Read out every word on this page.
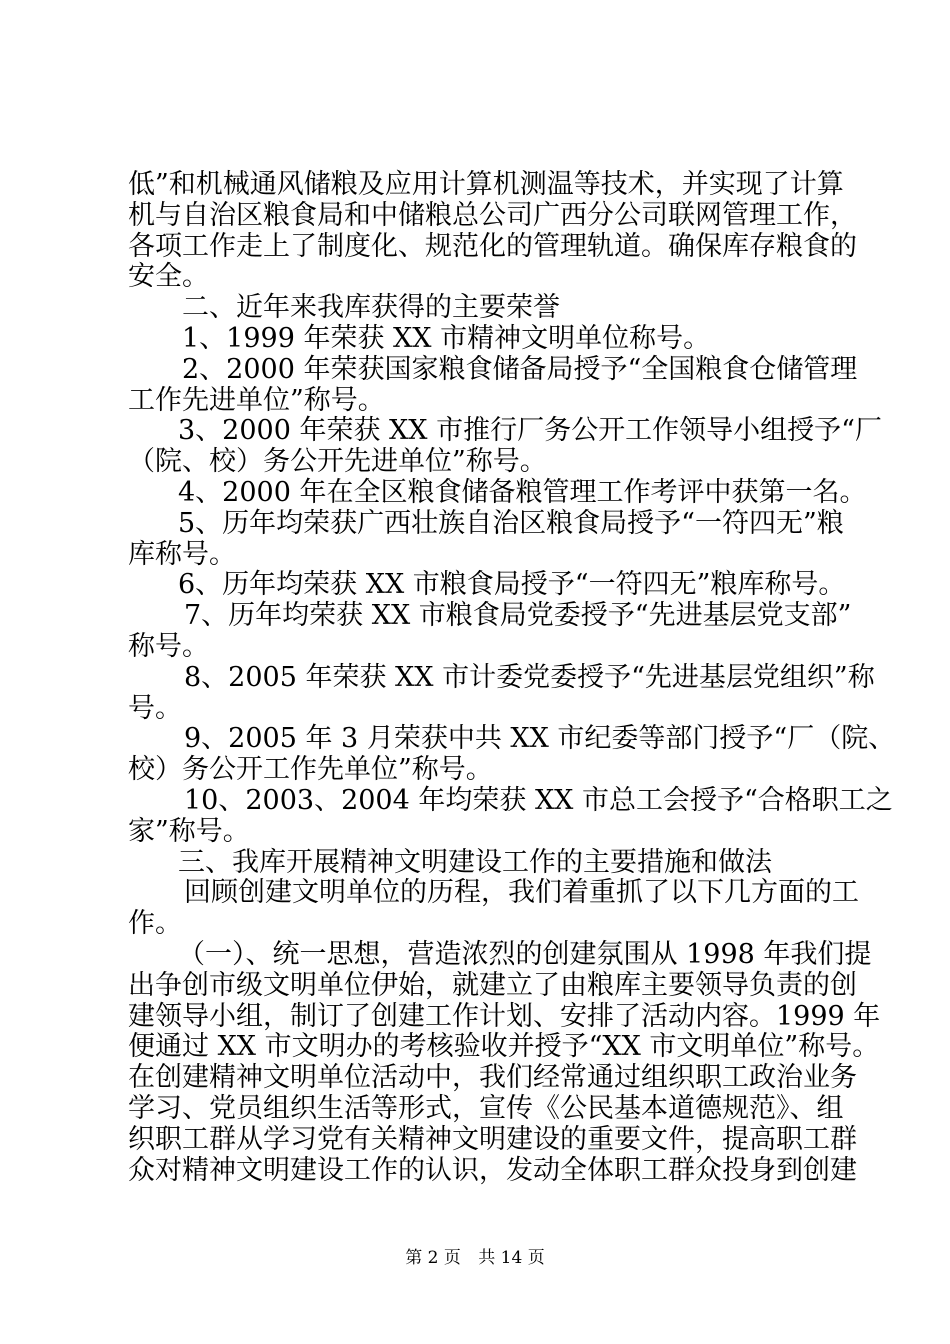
低”和机械通风储粮及应用计算机测温等技术，并实现了计算
机与自治区粮食局和中储粮总公司广西分公司联网管理工作，
各项工作走上了制度化、规范化的管理轨道。确保库存粮食的
安全。
二、近年来我库获得的主要荣誉
1、1999 年荣获 XX 市精神文明单位称号。
2、2000 年荣获国家粮食储备局授予“全国粮食仓储管理
工作先进单位”称号。
3、2000 年荣获 XX 市推行厂务公开工作领导小组授予“厂
（院、校）务公开先进单位”称号。
4、2000 年在全区粮食储备粮管理工作考评中获第一名。
5、历年均荣获广西壮族自治区粮食局授予“一符四无”粮
库称号。
6、历年均荣获 XX 市粮食局授予“一符四无”粮库称号。
7、历年均荣获 XX 市粮食局党委授予“先进基层党支部”
称号。
8、2005 年荣获 XX 市计委党委授予“先进基层党组织”称
号。
9、2005 年 3 月荣获中共 XX 市纪委等部门授予“厂（院、
校）务公开工作先单位”称号。
10、2003、2004 年均荣获 XX 市总工会授予“合格职工之
家”称号。
三、我库开展精神文明建设工作的主要措施和做法
回顾创建文明单位的历程，我们着重抓了以下几方面的工
作。
（一）、统一思想，营造浓烈的创建氛围从 1998 年我们提
出争创市级文明单位伊始，就建立了由粮库主要领导负责的创
建领导小组，制订了创建工作计划、安排了活动内容。1999 年
便通过 XX 市文明办的考核验收并授予“XX 市文明单位”称号。
在创建精神文明单位活动中，我们经常通过组织职工政治业务
学习、党员组织生活等形式，宣传《公民基本道德规范》、组
织职工群从学习党有关精神文明建设的重要文件，提高职工群
众对精神文明建设工作的认识，发动全体职工群众投身到创建
第 2 页 共 14 页
